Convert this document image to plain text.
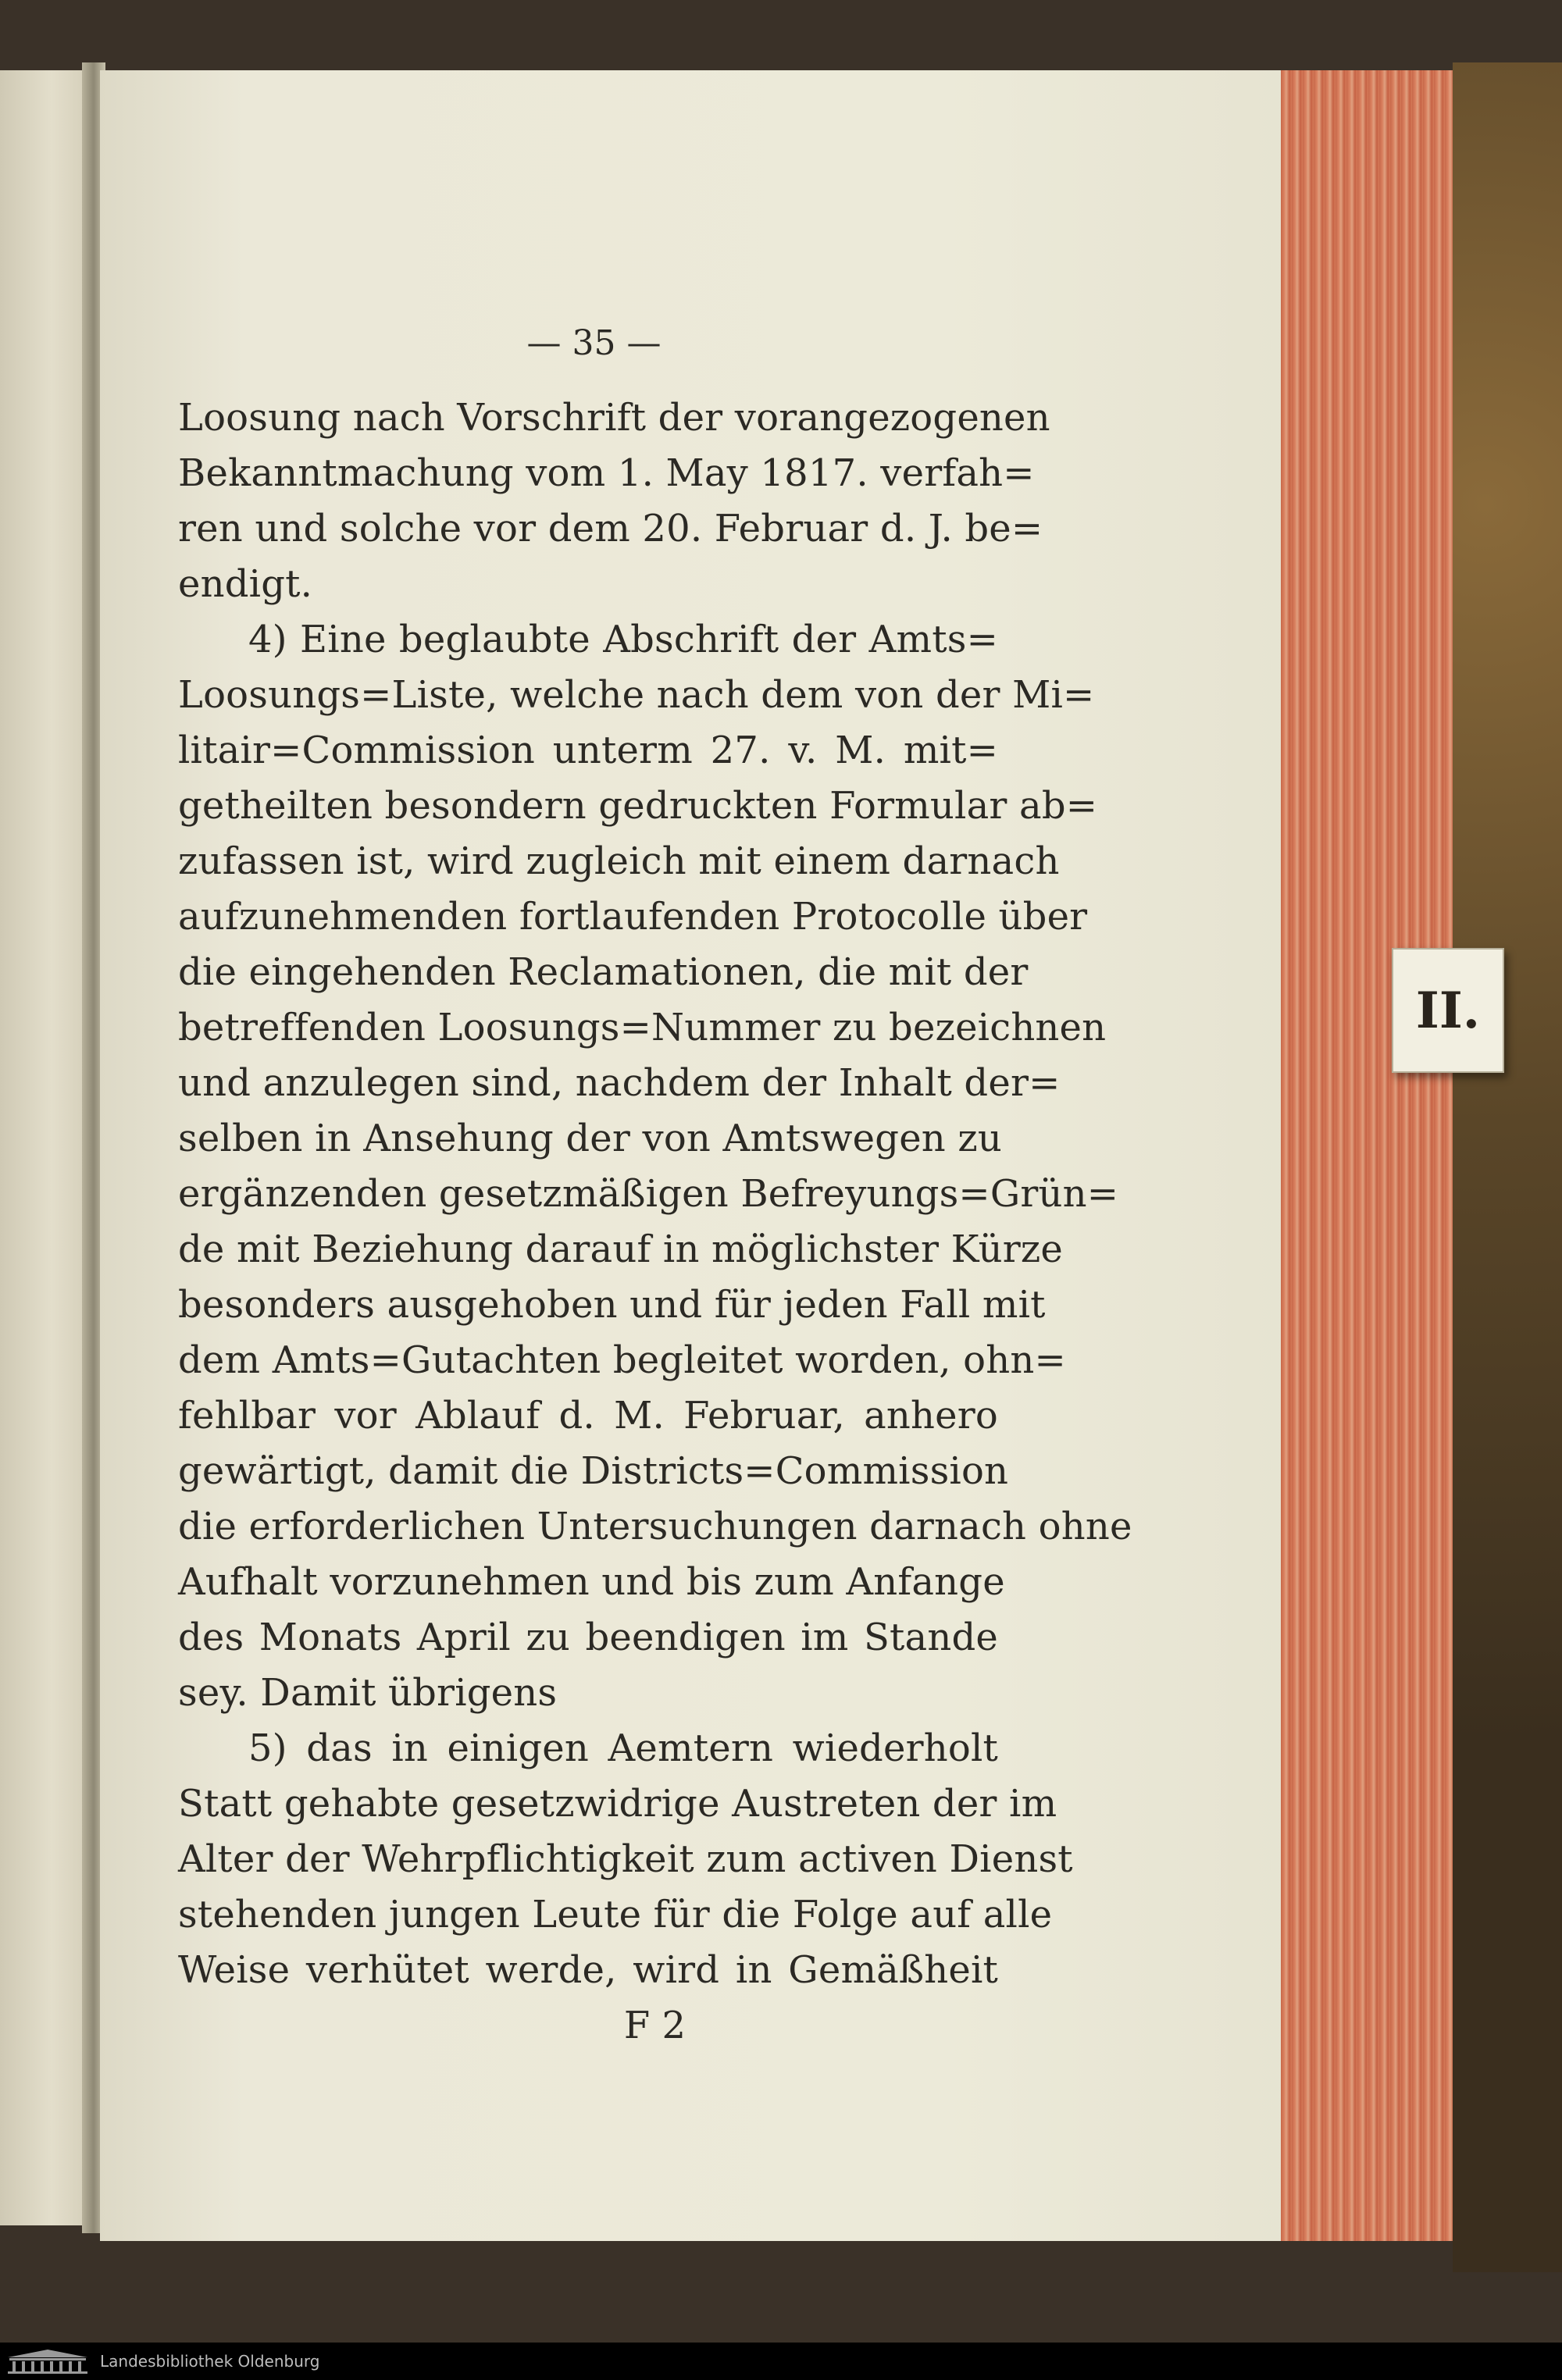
II.
— 35 —
Loosung nach Vorschrift der vorangezogenen
Bekanntmachung vom 1. May 1817. verfah=
ren und solche vor dem 20. Februar d. J. be=
endigt.
4) Eine beglaubte Abschrift der Amts=
Loosungs=Liste, welche nach dem von der Mi=
litair=Commission unterm 27. v. M. mit=
getheilten besondern gedruckten Formular ab=
zufassen ist, wird zugleich mit einem darnach
aufzunehmenden fortlaufenden Protocolle über
die eingehenden Reclamationen, die mit der
betreffenden Loosungs=Nummer zu bezeichnen
und anzulegen sind, nachdem der Inhalt der=
selben in Ansehung der von Amtswegen zu
ergänzenden gesetzmäßigen Befreyungs=Grün=
de mit Beziehung darauf in möglichster Kürze
besonders ausgehoben und für jeden Fall mit
dem Amts=Gutachten begleitet worden, ohn=
fehlbar vor Ablauf d. M. Februar, anhero
gewärtigt, damit die Districts=Commission
die erforderlichen Untersuchungen darnach ohne
Aufhalt vorzunehmen und bis zum Anfange
des Monats April zu beendigen im Stande
sey. Damit übrigens
5) das in einigen Aemtern wiederholt
Statt gehabte gesetzwidrige Austreten der im
Alter der Wehrpflichtigkeit zum activen Dienst
stehenden jungen Leute für die Folge auf alle
Weise verhütet werde, wird in Gemäßheit
F 2
Landesbibliothek Oldenburg
